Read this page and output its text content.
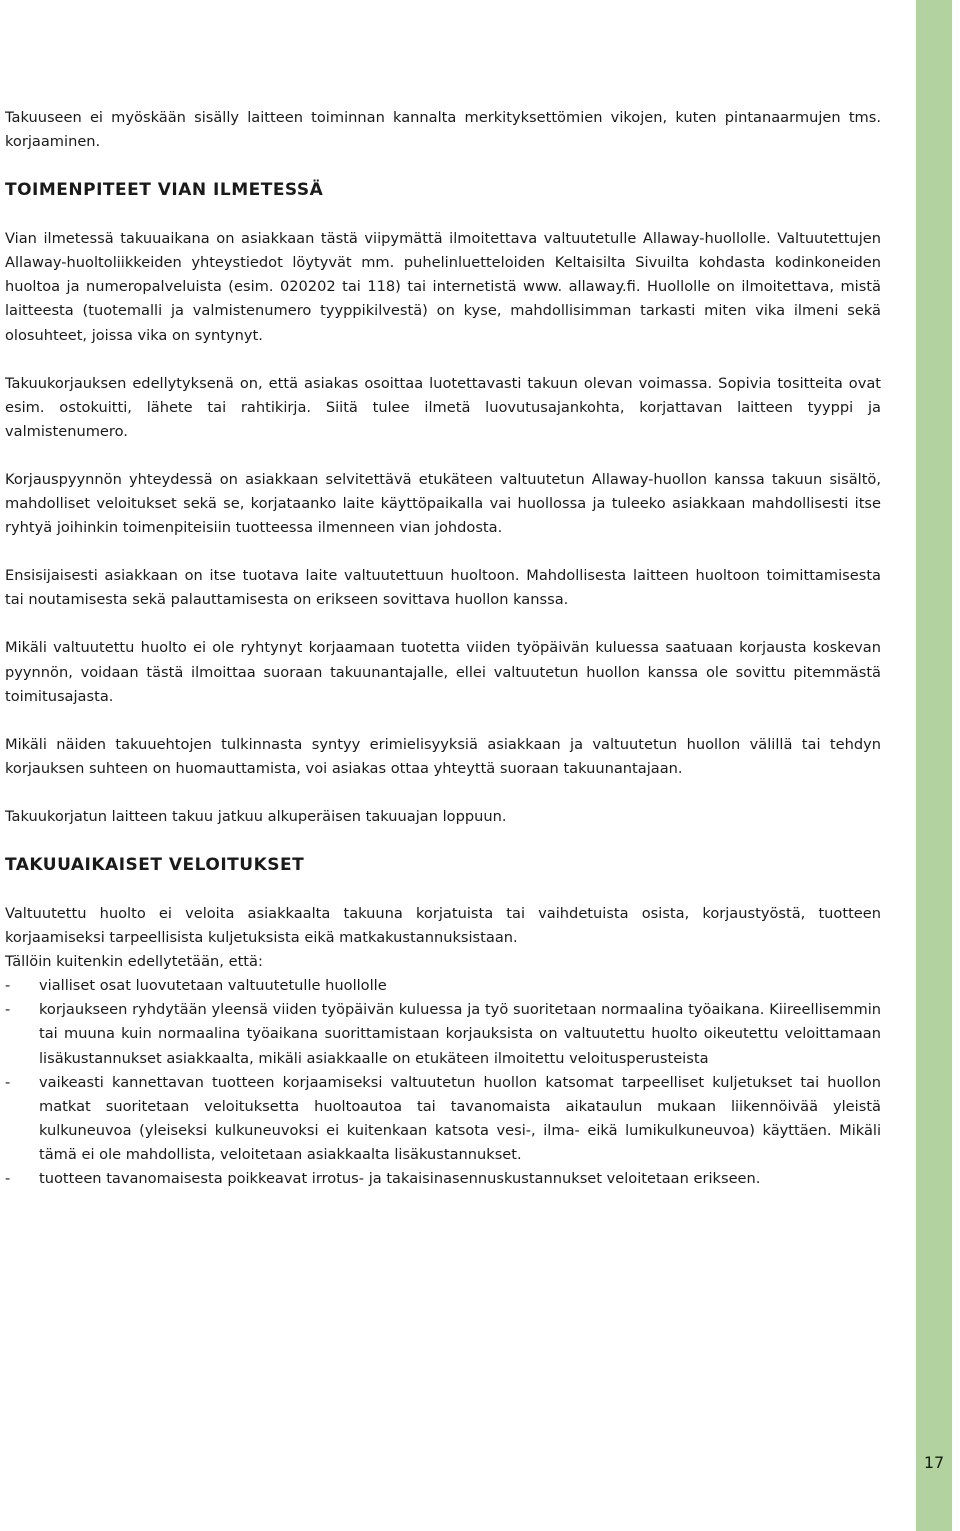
17

Takuuseen ei myöskään sisälly laitteen toiminnan kannalta merkityksettömien vikojen, kuten pintanaarmujen tms. korjaaminen.

TOIMENPITEET VIAN ILMETESSÄ

Vian ilmetessä takuuaikana on asiakkaan tästä viipymättä ilmoitettava valtuutetulle Allaway-huollolle. Valtuutettujen Allaway-huoltoliikkeiden yhteystiedot löytyvät mm. puhelinluetteloiden Keltaisilta Sivuilta kohdasta kodinkoneiden huoltoa ja numeropalveluista (esim. 020202 tai 118) tai internetistä www. allaway.fi. Huollolle on ilmoitettava, mistä laitteesta (tuotemalli ja valmistenumero tyyppikilvestä) on kyse, mahdollisimman tarkasti miten vika ilmeni sekä olosuhteet, joissa vika on syntynyt.

Takuukorjauksen edellytyksenä on, että asiakas osoittaa luotettavasti takuun olevan voimassa. Sopivia tositteita ovat esim. ostokuitti, lähete tai rahtikirja. Siitä tulee ilmetä luovutusajankohta, korjattavan laitteen tyyppi ja valmistenumero.

Korjauspyynnön yhteydessä on asiakkaan selvitettävä etukäteen valtuutetun Allaway-huollon kanssa takuun sisältö, mahdolliset veloitukset sekä se, korjataanko laite käyttöpaikalla vai huollossa ja tuleeko asiakkaan mahdollisesti itse ryhtyä joihinkin toimenpiteisiin tuotteessa ilmenneen vian johdosta.

Ensisijaisesti asiakkaan on itse tuotava laite valtuutettuun huoltoon. Mahdollisesta laitteen huoltoon toimittamisesta tai noutamisesta sekä palauttamisesta on erikseen sovittava huollon kanssa.

Mikäli valtuutettu huolto ei ole ryhtynyt korjaamaan tuotetta viiden työpäivän kuluessa saatuaan korjausta koskevan pyynnön, voidaan tästä ilmoittaa suoraan takuunantajalle, ellei valtuutetun huollon kanssa ole sovittu pitemmästä toimitusajasta.

Mikäli näiden takuuehtojen tulkinnasta syntyy erimielisyyksiä asiakkaan ja valtuutetun huollon välillä tai tehdyn korjauksen suhteen on huomauttamista, voi asiakas ottaa yhteyttä suoraan takuunantajaan.

Takuukorjatun laitteen takuu jatkuu alkuperäisen takuuajan loppuun.

TAKUUAIKAISET VELOITUKSET

Valtuutettu huolto ei veloita asiakkaalta takuuna korjatuista tai vaihdetuista osista, korjaustyöstä, tuotteen korjaamiseksi tarpeellisista kuljetuksista eikä matkakustannuksistaan.

Tällöin kuitenkin edellytetään, että:

- vialliset osat luovutetaan valtuutetulle huollolle
- korjaukseen ryhdytään yleensä viiden työpäivän kuluessa ja työ suoritetaan normaalina työaikana. Kiireellisemmin tai muuna kuin normaalina työaikana suorittamistaan korjauksista on valtuutettu huolto oikeutettu veloittamaan lisäkustannukset asiakkaalta, mikäli asiakkaalle on etukäteen ilmoitettu veloitusperusteista
- vaikeasti kannettavan tuotteen korjaamiseksi valtuutetun huollon katsomat tarpeelliset kuljetukset tai huollon matkat suoritetaan veloituksetta huoltoautoa tai tavanomaista aikataulun mukaan liikennöivää yleistä kulkuneuvoa (yleiseksi kulkuneuvoksi ei kuitenkaan katsota vesi-, ilma- eikä lumikulkuneuvoa) käyttäen. Mikäli tämä ei ole mahdollista, veloitetaan asiakkaalta lisäkustannukset.
- tuotteen tavanomaisesta poikkeavat irrotus- ja takaisinasennuskustannukset veloitetaan erikseen.
